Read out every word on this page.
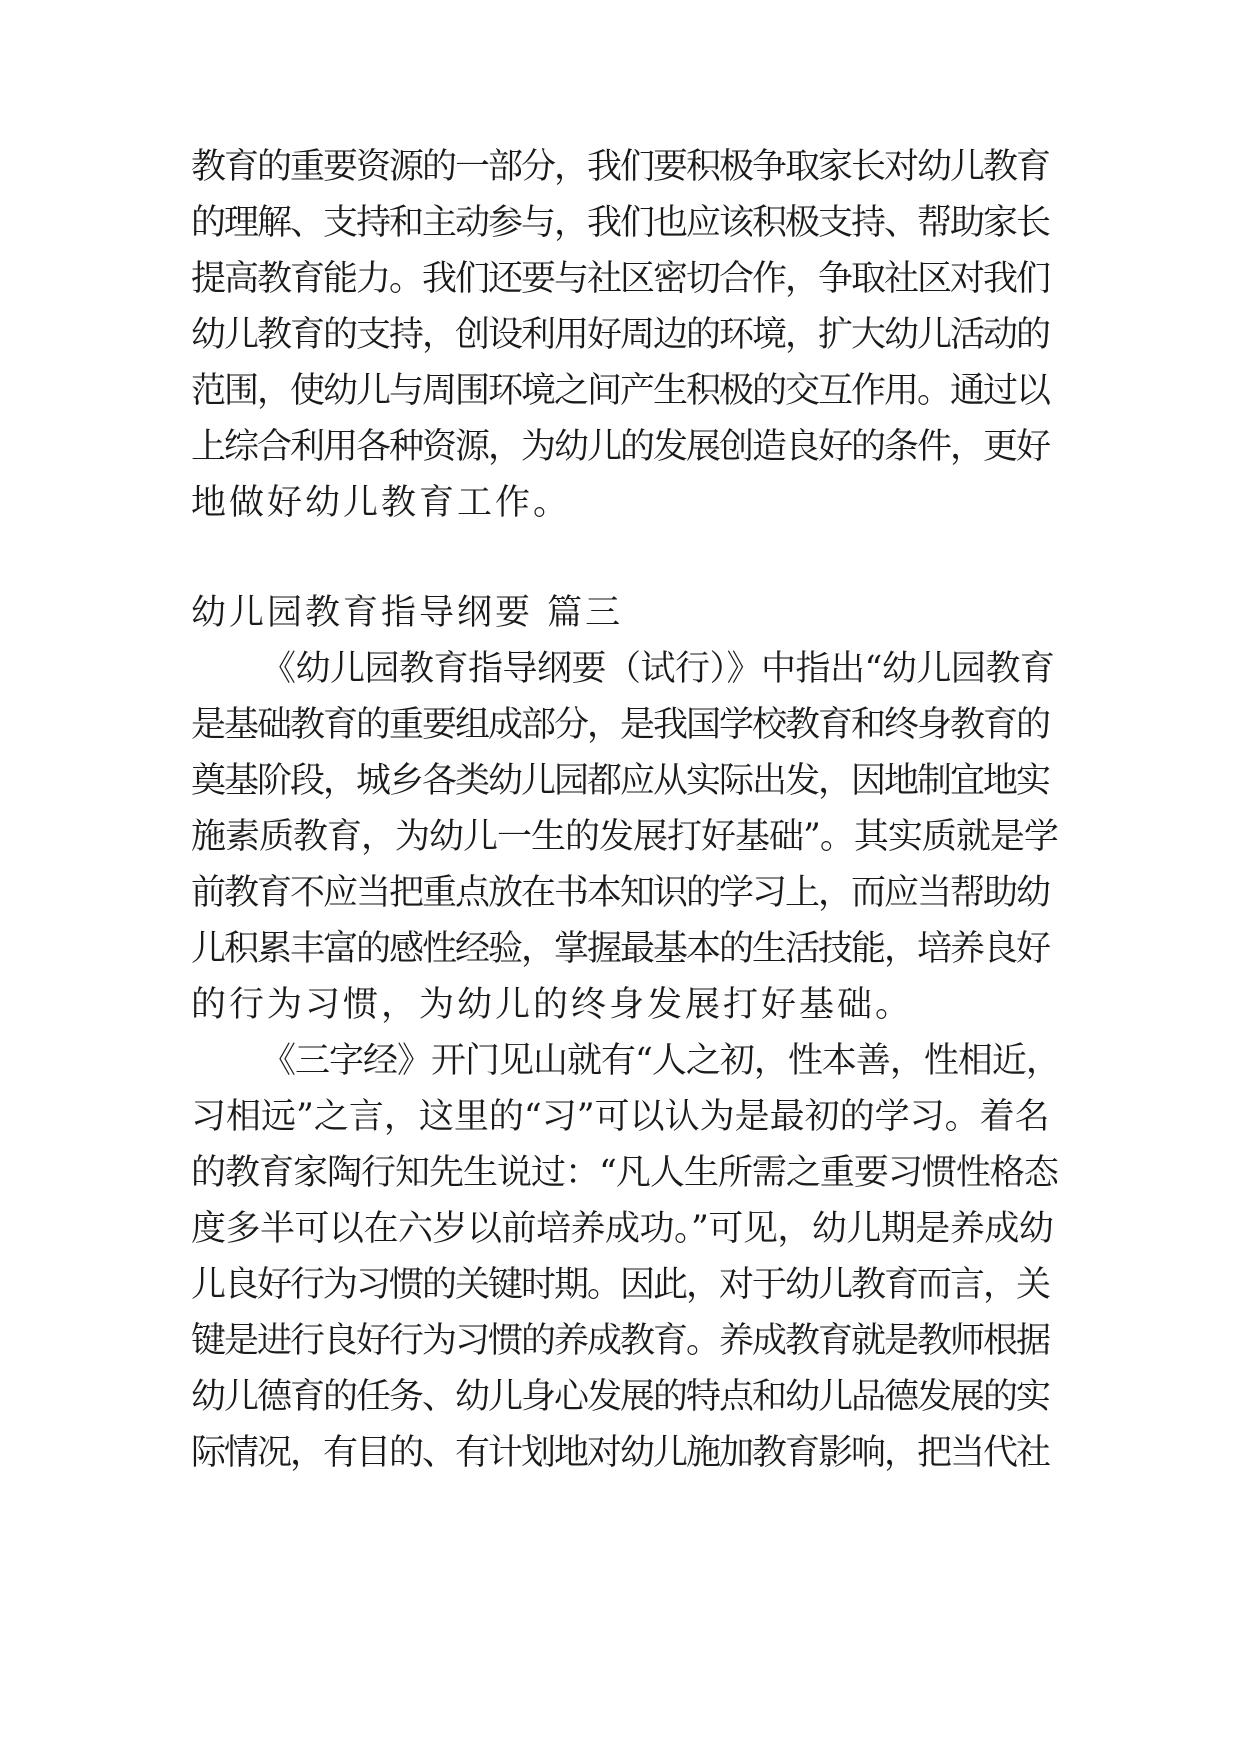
教育的重要资源的一部分，我们要积极争取家长对幼儿教育
的理解、支持和主动参与，我们也应该积极支持、帮助家长
提高教育能力。我们还要与社区密切合作，争取社区对我们
幼儿教育的支持，创设利用好周边的环境，扩大幼儿活动的
范围，使幼儿与周围环境之间产生积极的交互作用。通过以
上综合利用各种资源，为幼儿的发展创造良好的条件，更好
地做好幼儿教育工作。
幼儿园教育指导纲要 篇三
《幼儿园教育指导纲要（试行）》中指出“幼儿园教育
是基础教育的重要组成部分，是我国学校教育和终身教育的
奠基阶段，城乡各类幼儿园都应从实际出发，因地制宜地实
施素质教育，为幼儿一生的发展打好基础”。其实质就是学
前教育不应当把重点放在书本知识的学习上，而应当帮助幼
儿积累丰富的感性经验，掌握最基本的生活技能，培养良好
的行为习惯，为幼儿的终身发展打好基础。
《三字经》开门见山就有“人之初，性本善，性相近，
习相远”之言，这里的“习”可以认为是最初的学习。着名
的教育家陶行知先生说过：“凡人生所需之重要习惯性格态
度多半可以在六岁以前培养成功。”可见，幼儿期是养成幼
儿良好行为习惯的关键时期。因此，对于幼儿教育而言，关
键是进行良好行为习惯的养成教育。养成教育就是教师根据
幼儿德育的任务、幼儿身心发展的特点和幼儿品德发展的实
际情况，有目的、有计划地对幼儿施加教育影响，把当代社
